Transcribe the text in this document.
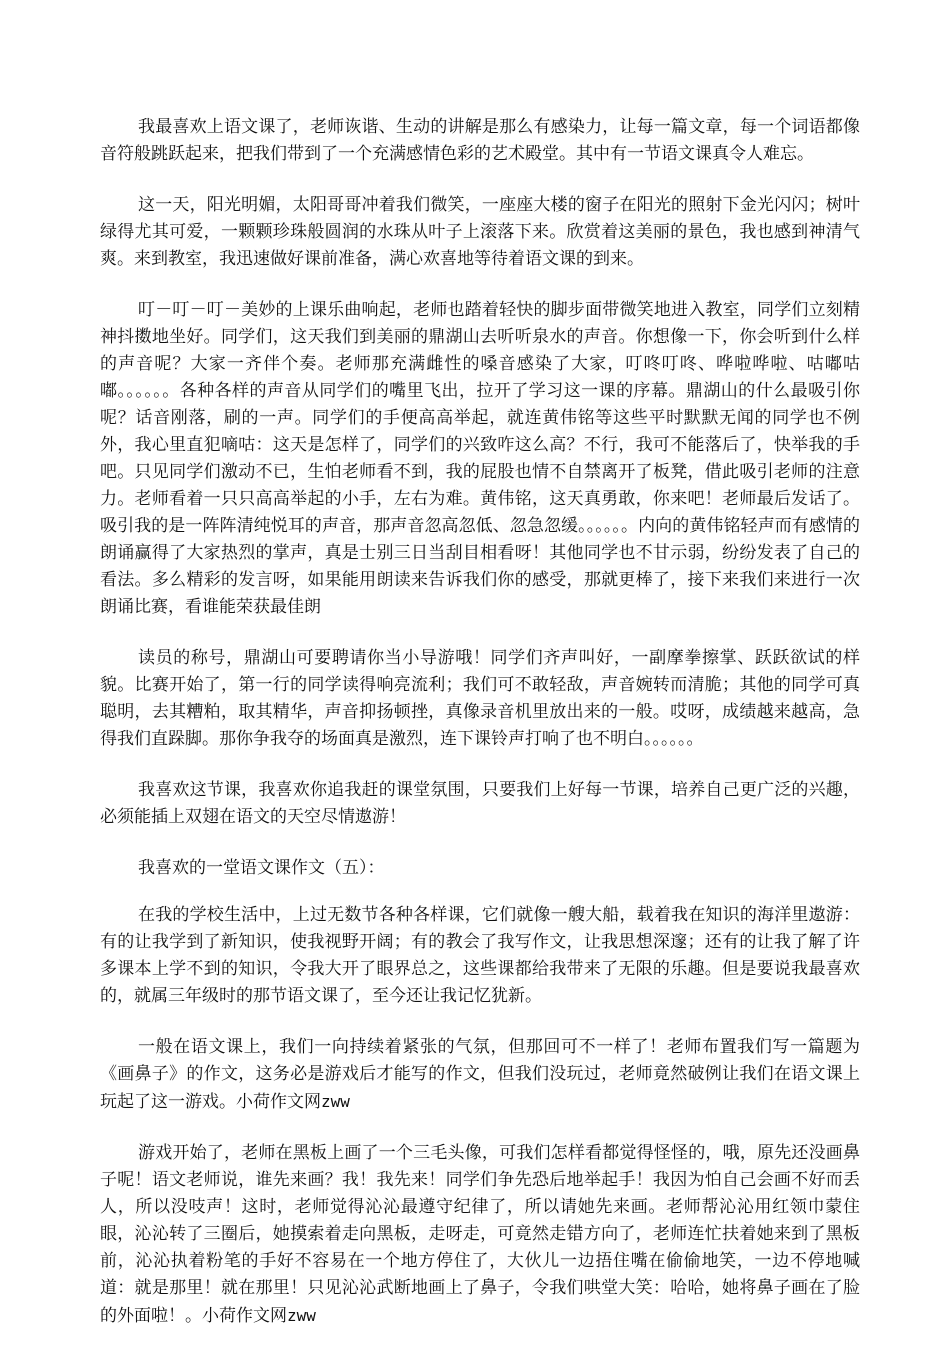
我最喜欢上语文课了，老师诙谐、生动的讲解是那么有感染力，让每一篇文章，每一个词语都像音符般跳跃起来，把我们带到了一个充满感情色彩的艺术殿堂。其中有一节语文课真令人难忘。

这一天，阳光明媚，太阳哥哥冲着我们微笑，一座座大楼的窗子在阳光的照射下金光闪闪；树叶绿得尤其可爱，一颗颗珍珠般圆润的水珠从叶子上滚落下来。欣赏着这美丽的景色，我也感到神清气爽。来到教室，我迅速做好课前准备，满心欢喜地等待着语文课的到来。

叮－叮－叮－美妙的上课乐曲响起，老师也踏着轻快的脚步面带微笑地进入教室，同学们立刻精神抖擞地坐好。同学们，这天我们到美丽的鼎湖山去听听泉水的声音。你想像一下，你会听到什么样的声音呢？大家一齐伴个奏。老师那充满雌性的嗓音感染了大家，叮咚叮咚、哗啦哗啦、咕嘟咕嘟。。。。。。各种各样的声音从同学们的嘴里飞出，拉开了学习这一课的序幕。鼎湖山的什么最吸引你呢？话音刚落，刷的一声。同学们的手便高高举起，就连黄伟铭等这些平时默默无闻的同学也不例外，我心里直犯嘀咕：这天是怎样了，同学们的兴致咋这么高？不行，我可不能落后了，快举我的手吧。只见同学们激动不已，生怕老师看不到，我的屁股也情不自禁离开了板凳，借此吸引老师的注意力。老师看着一只只高高举起的小手，左右为难。黄伟铭，这天真勇敢，你来吧！老师最后发话了。吸引我的是一阵阵清纯悦耳的声音，那声音忽高忽低、忽急忽缓。。。。。。内向的黄伟铭轻声而有感情的朗诵赢得了大家热烈的掌声，真是士别三日当刮目相看呀！其他同学也不甘示弱，纷纷发表了自己的看法。多么精彩的发言呀，如果能用朗读来告诉我们你的感受，那就更棒了，接下来我们来进行一次朗诵比赛，看谁能荣获最佳朗

读员的称号，鼎湖山可要聘请你当小导游哦！同学们齐声叫好，一副摩拳擦掌、跃跃欲试的样貌。比赛开始了，第一行的同学读得响亮流利；我们可不敢轻敌，声音婉转而清脆；其他的同学可真聪明，去其糟粕，取其精华，声音抑扬顿挫，真像录音机里放出来的一般。哎呀，成绩越来越高，急得我们直跺脚。那你争我夺的场面真是激烈，连下课铃声打响了也不明白。。。。。。

我喜欢这节课，我喜欢你追我赶的课堂氛围，只要我们上好每一节课，培养自己更广泛的兴趣，必须能插上双翅在语文的天空尽情遨游！

我喜欢的一堂语文课作文（五）：

在我的学校生活中，上过无数节各种各样课，它们就像一艘大船，载着我在知识的海洋里遨游：有的让我学到了新知识，使我视野开阔；有的教会了我写作文，让我思想深邃；还有的让我了解了许多课本上学不到的知识，令我大开了眼界总之，这些课都给我带来了无限的乐趣。但是要说我最喜欢的，就属三年级时的那节语文课了，至今还让我记忆犹新。

一般在语文课上，我们一向持续着紧张的气氛，但那回可不一样了！老师布置我们写一篇题为《画鼻子》的作文，这务必是游戏后才能写的作文，但我们没玩过，老师竟然破例让我们在语文课上玩起了这一游戏。小荷作文网zww

游戏开始了，老师在黑板上画了一个三毛头像，可我们怎样看都觉得怪怪的，哦，原先还没画鼻子呢！语文老师说，谁先来画？我！我先来！同学们争先恐后地举起手！我因为怕自己会画不好而丢人，所以没吱声！这时，老师觉得沁沁最遵守纪律了，所以请她先来画。老师帮沁沁用红领巾蒙住眼，沁沁转了三圈后，她摸索着走向黑板，走呀走，可竟然走错方向了，老师连忙扶着她来到了黑板前，沁沁执着粉笔的手好不容易在一个地方停住了，大伙儿一边捂住嘴在偷偷地笑，一边不停地喊道：就是那里！就在那里！只见沁沁武断地画上了鼻子，令我们哄堂大笑：哈哈，她将鼻子画在了脸的外面啦！。小荷作文网zww
